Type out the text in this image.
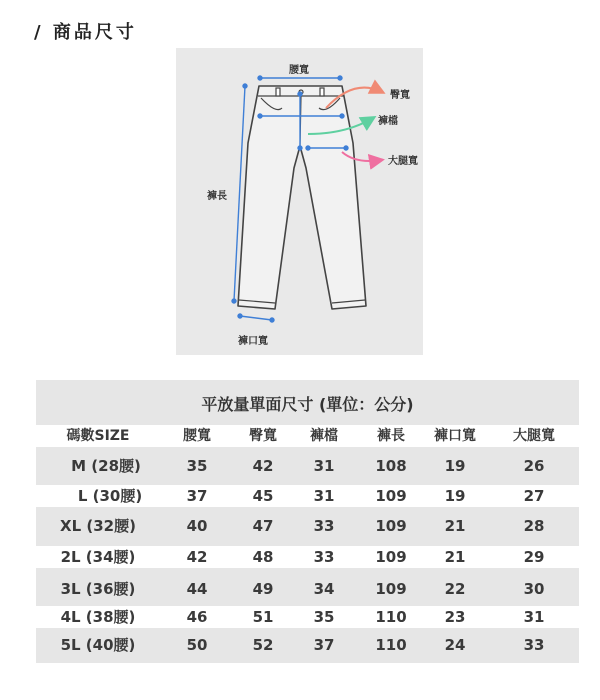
/ 商品尺寸
腰寬
臀寬
褲檔
大腿寬
褲長
褲口寬
平放量單面尺寸 (單位：公分)
碼數SIZE	腰寬	臀寬	褲檔	褲長	褲口寬	大腿寬
M (28腰)	35	42	31	108	19	26
L (30腰)	37	45	31	109	19	27
XL (32腰)	40	47	33	109	21	28
2L (34腰)	42	48	33	109	21	29
3L (36腰)	44	49	34	109	22	30
4L (38腰)	46	51	35	110	23	31
5L (40腰)	50	52	37	110	24	33
